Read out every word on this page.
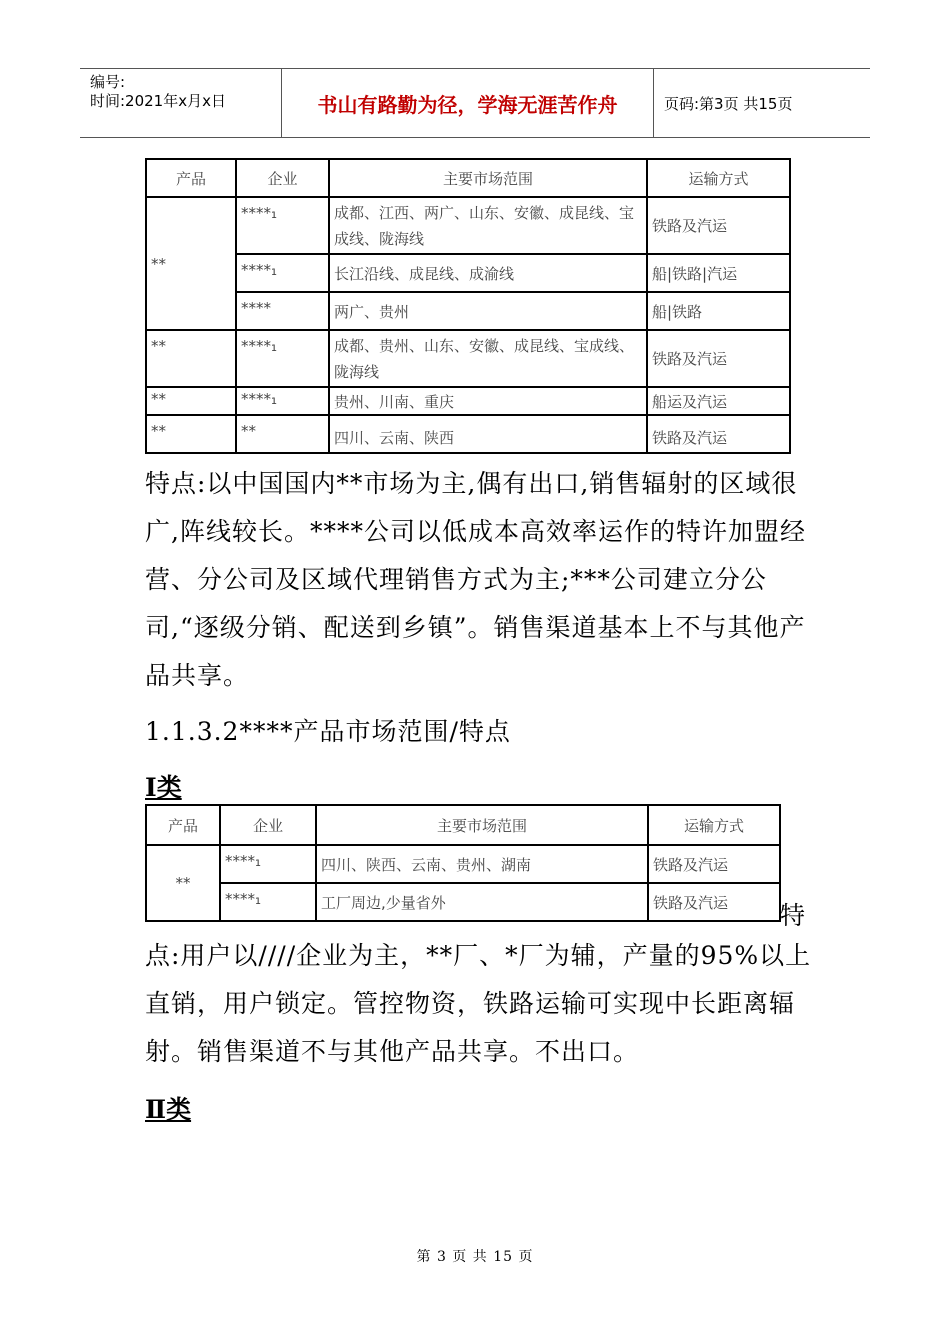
编号:
时间:2021年x月x日	书山有路勤为径，学海无涯苦作舟	页码:第3页 共15页
产品	企业	主要市场范围	运输方式
**	****₁	成都、江西、两广、山东、安徽、成昆线、宝成线、陇海线	铁路及汽运
	****₁	长江沿线、成昆线、成渝线	船|铁路|汽运
	****	两广、贵州	船|铁路
**	****₁	成都、贵州、山东、安徽、成昆线、宝成线、陇海线	铁路及汽运
**	****₁	贵州、川南、重庆	船运及汽运
**	**	四川、云南、陕西	铁路及汽运
特点:以中国国内**市场为主,偶有出口,销售辐射的区域很广,阵线较长。****公司以低成本高效率运作的特许加盟经营、分公司及区域代理销售方式为主;***公司建立分公司,“逐级分销、配送到乡镇”。销售渠道基本上不与其他产品共享。
1.1.3.2****产品市场范围/特点
Ⅰ类
产品	企业	主要市场范围	运输方式
**	****₁	四川、陕西、云南、贵州、湖南	铁路及汽运
	****₁	工厂周边,少量省外	铁路及汽运 特
点:用户以////企业为主，**厂、*厂为辅，产量的95%以上直销，用户锁定。管控物资，铁路运输可实现中长距离辐射。销售渠道不与其他产品共享。不出口。
Ⅱ类
第 3 页 共 15 页
